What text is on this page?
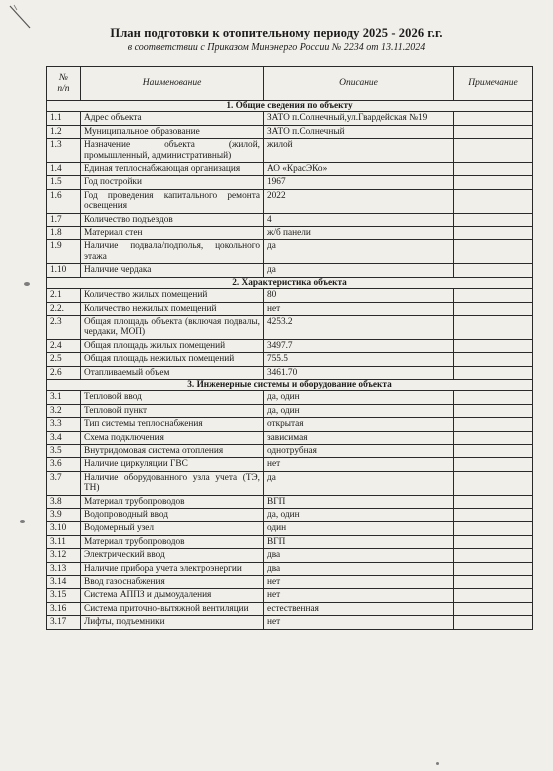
План подготовки к отопительному периоду 2025 - 2026 г.г.
в соответствии с Приказом Минэнерго России № 2234 от 13.11.2024
№
п/п	Наименование	Описание	Примечание
1. Общие сведения по объекту			
1.1	Адрес объекта	ЗАТО п.Солнечный,ул.Гвардейская №19	
1.2	Муниципальное образование	ЗАТО п.Солнечный	
1.3	Назначение объекта (жилой, промышленный, административный)	жилой	
1.4	Единая теплоснабжающая организация	АО «КрасЭКо»	
1.5	Год постройки	1967	
1.6	Год проведения капитального ремонта освещения	2022	
1.7	Количество подъездов	4	
1.8	Материал стен	ж/б панели	
1.9	Наличие подвала/подполья, цокольного этажа	да	
1.10	Наличие чердака	да	
2. Характеристика объекта			
2.1	Количество жилых помещений	80	
2.2.	Количество нежилых помещений	нет	
2.3	Общая площадь объекта (включая подвалы, чердаки, МОП)	4253.2	
2.4	Общая площадь жилых помещений	3497.7	
2.5	Общая площадь нежилых помещений	755.5	
2.6	Отапливаемый объем	3461.70	
3. Инженерные системы и оборудование объекта			
3.1	Тепловой ввод	да, один	
3.2	Тепловой пункт	да, один	
3.3	Тип системы теплоснабжения	открытая	
3.4	Схема подключения	зависимая	
3.5	Внутридомовая система отопления	однотрубная	
3.6	Наличие циркуляции ГВС	нет	
3.7	Наличие оборудованного узла учета (ТЭ, ТН)	да	
3.8	Материал трубопроводов	ВГП	
3.9	Водопроводный ввод	да, один	
3.10	Водомерный узел	один	
3.11	Материал трубопроводов	ВГП	
3.12	Электрический ввод	два	
3.13	Наличие прибора учета электроэнергии	два	
3.14	Ввод газоснабжения	нет	
3.15	Система АППЗ и дымоудаления	нет	
3.16	Система приточно-вытяжной вентиляции	естественная	
3.17	Лифты, подъемники	нет	
